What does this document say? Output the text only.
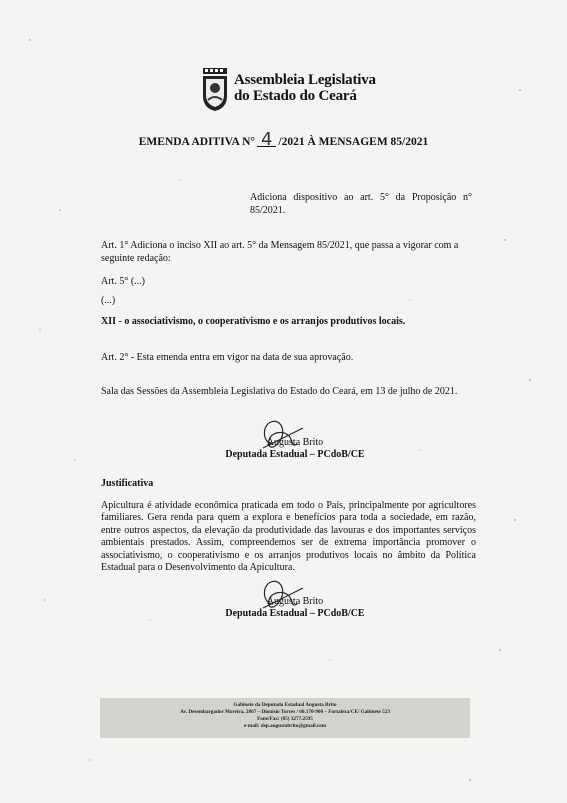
Assembleia Legislativa
do Estado do Ceará
EMENDA ADITIVA N° 4 /2021 À MENSAGEM 85/2021
Adiciona dispositivo ao art. 5° da Proposição n° 85/2021.
Art. 1° Adiciona o inciso XII ao art. 5° da Mensagem 85/2021, que passa a vigorar com a seguinte redação:
Art. 5° (...)
(...)
XII - o associativismo, o cooperativismo e os arranjos produtivos locais.
Art. 2° - Esta emenda entra em vigor na data de sua aprovação.
Sala das Sessões da Assembleia Legislativa do Estado do Ceará, em 13 de julho de 2021.
Augusta Brito
Deputada Estadual – PCdoB/CE
Justificativa
Apicultura é atividade econômica praticada em todo o País, principalmente por agricultores familiares. Gera renda para quem a explora e benefícios para toda a sociedade, em razão, entre outros aspectos, da elevação da produtividade das lavouras e dos importantes serviços ambientais prestados. Assim, compreendemos ser de extrema importância promover o associativismo, o cooperativismo e os arranjos produtivos locais no âmbito da Política Estadual para o Desenvolvimento da Apicultura.
Augusta Brito
Deputada Estadual – PCdoB/CE
Gabinete da Deputada Estadual Augusta Brito
Av. Desembargador Moreira, 2807 – Dionísio Torres / 60.170-900 – Fortaleza/CE/ Gabinete 523
Fone/Fax: (85) 3277.2595
e-mail: dep.augustabrito@gmail.com
